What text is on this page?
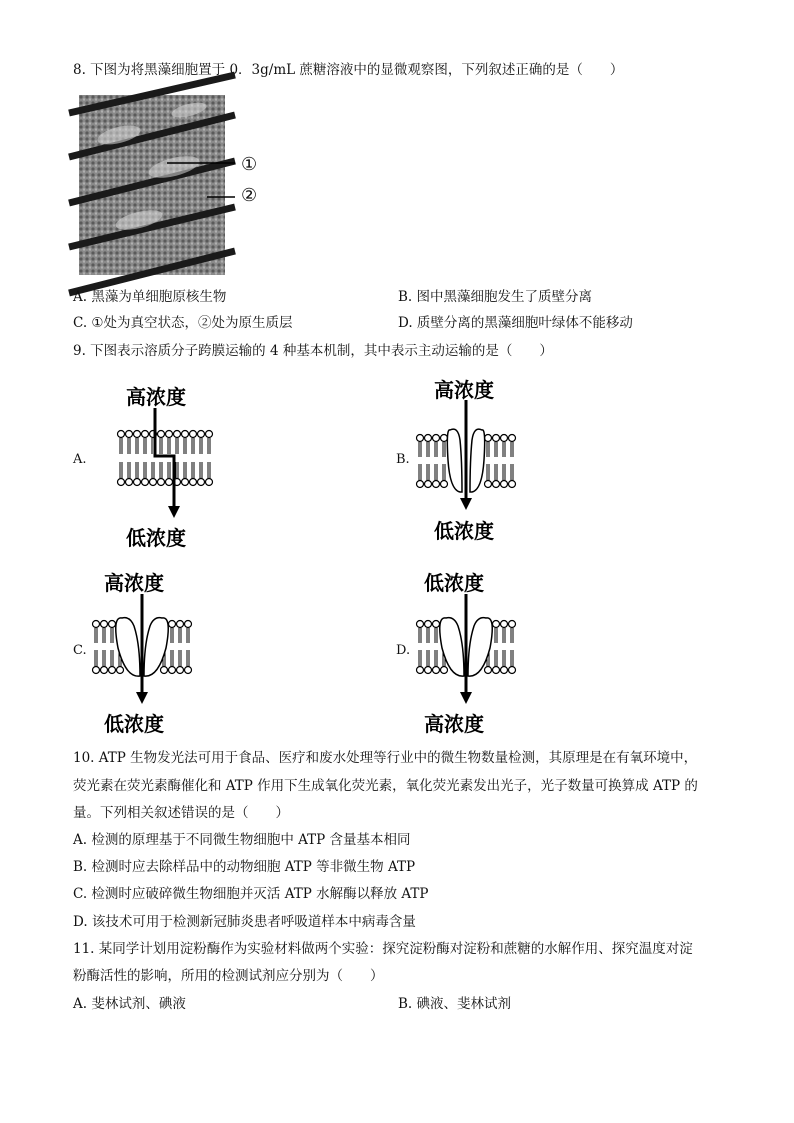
8. 下图为将黑藻细胞置于 0．3g/mL 蔗糖溶液中的显微观察图，下列叙述正确的是（　　）
①
②
A. 黑藻为单细胞原核生物	B. 图中黑藻细胞发生了质壁分离
C. ①处为真空状态，②处为原生质层	D. 质壁分离的黑藻细胞叶绿体不能移动
9. 下图表示溶质分子跨膜运输的 4 种基本机制，其中表示主动运输的是（　　）
高浓度
A.
低浓度
高浓度
B.
低浓度
高浓度
C.
低浓度
低浓度
D.
高浓度
10. ATP 生物发光法可用于食品、医疗和废水处理等行业中的微生物数量检测，其原理是在有氧环境中，
荧光素在荧光素酶催化和 ATP 作用下生成氧化荧光素，氧化荧光素发出光子，光子数量可换算成 ATP 的
量。下列相关叙述错误的是（　　）
A. 检测的原理基于不同微生物细胞中 ATP 含量基本相同
B. 检测时应去除样品中的动物细胞 ATP 等非微生物 ATP
C. 检测时应破碎微生物细胞并灭活 ATP 水解酶以释放 ATP
D. 该技术可用于检测新冠肺炎患者呼吸道样本中病毒含量
11. 某同学计划用淀粉酶作为实验材料做两个实验：探究淀粉酶对淀粉和蔗糖的水解作用、探究温度对淀
粉酶活性的影响，所用的检测试剂应分别为（　　）
A. 斐林试剂、碘液	B. 碘液、斐林试剂
